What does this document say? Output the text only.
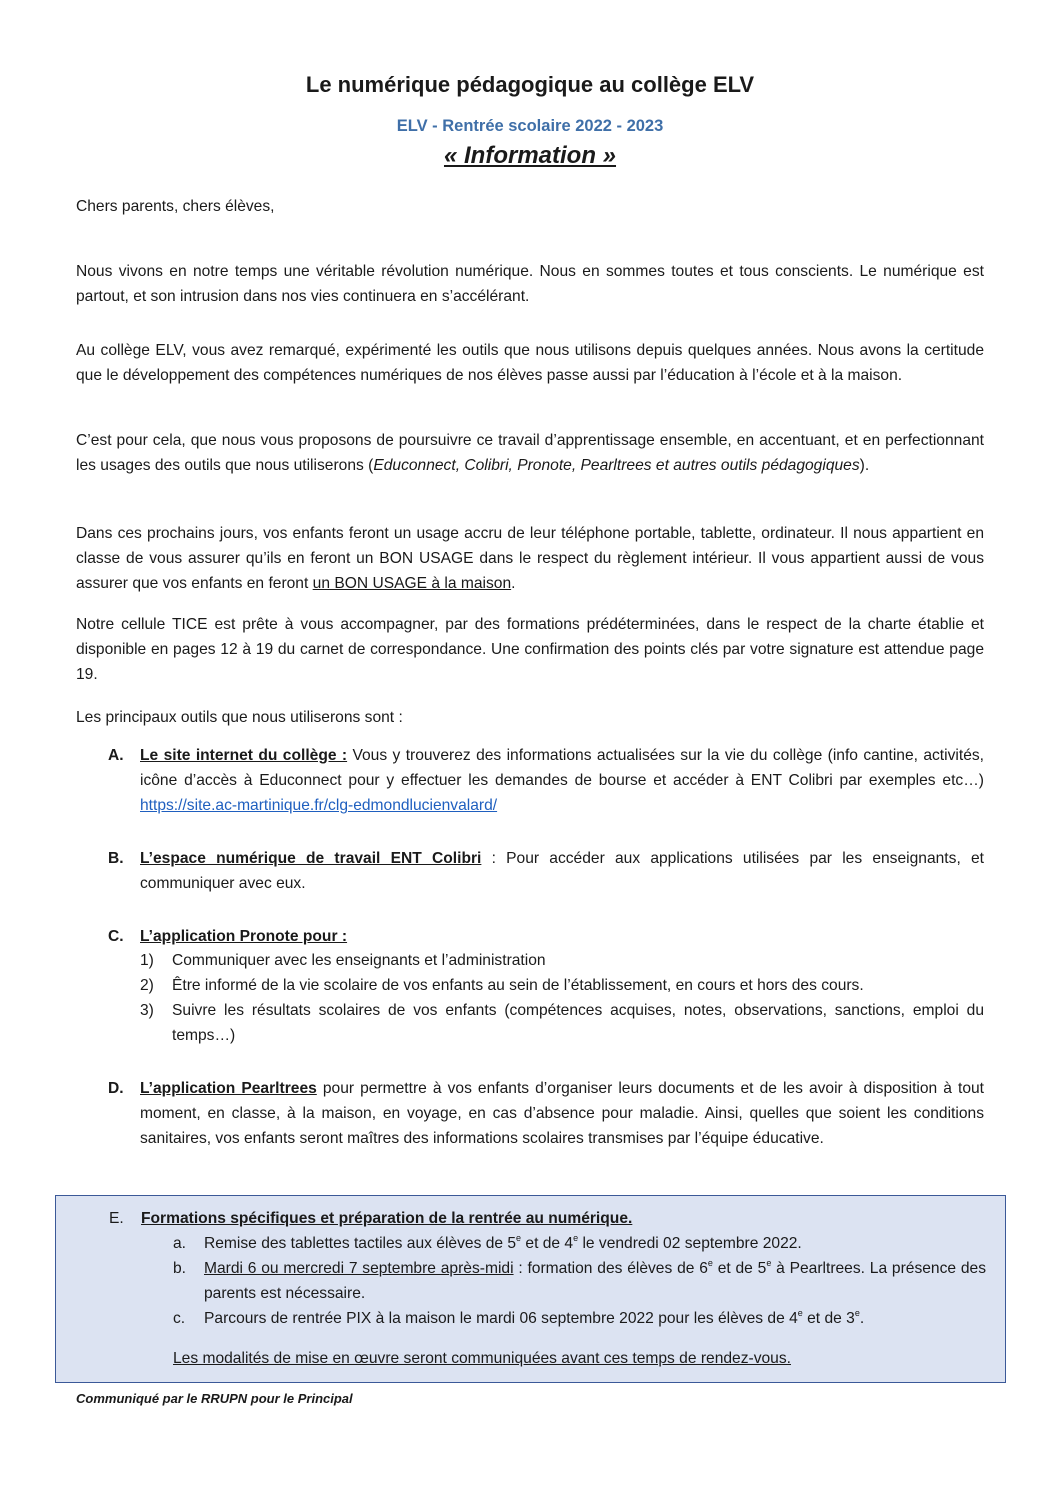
Le numérique pédagogique au collège ELV
ELV - Rentrée scolaire 2022 - 2023
« Information »

Chers parents, chers élèves,

Nous vivons en notre temps une véritable révolution numérique. Nous en sommes toutes et tous conscients. Le numérique est partout, et son intrusion dans nos vies continuera en s’accélérant.

Au collège ELV, vous avez remarqué, expérimenté les outils que nous utilisons depuis quelques années. Nous avons la certitude que le développement des compétences numériques de nos élèves passe aussi par l’éducation à l’école et à la maison.

C’est pour cela, que nous vous proposons de poursuivre ce travail d’apprentissage ensemble, en accentuant, et en perfectionnant les usages des outils que nous utiliserons (Educonnect, Colibri, Pronote, Pearltrees et autres outils pédagogiques).

Dans ces prochains jours, vos enfants feront un usage accru de leur téléphone portable, tablette, ordinateur. Il nous appartient en classe de vous assurer qu’ils en feront un BON USAGE dans le respect du règlement intérieur. Il vous appartient aussi de vous assurer que vos enfants en feront un BON USAGE à la maison.

Notre cellule TICE est prête à vous accompagner, par des formations prédéterminées, dans le respect de la charte établie et disponible en pages 12 à 19 du carnet de correspondance. Une confirmation des points clés par votre signature est attendue page 19.

Les principaux outils que nous utiliserons sont :

A. Le site internet du collège : Vous y trouverez des informations actualisées sur la vie du collège (info cantine, activités, icône d’accès à Educonnect pour y effectuer les demandes de bourse et accéder à ENT Colibri par exemples etc…) https://site.ac-martinique.fr/clg-edmondlucienvalard/
B. L’espace numérique de travail ENT Colibri : Pour accéder aux applications utilisées par les enseignants, et communiquer avec eux.
C. L’application Pronote pour :
1) Communiquer avec les enseignants et l’administration
2) Être informé de la vie scolaire de vos enfants au sein de l’établissement, en cours et hors des cours.
3) Suivre les résultats scolaires de vos enfants (compétences acquises, notes, observations, sanctions, emploi du temps…)
D. L’application Pearltrees pour permettre à vos enfants d’organiser leurs documents et de les avoir à disposition à tout moment, en classe, à la maison, en voyage, en cas d’absence pour maladie. Ainsi, quelles que soient les conditions sanitaires, vos enfants seront maîtres des informations scolaires transmises par l’équipe éducative.
E. Formations spécifiques et préparation de la rentrée au numérique.
a. Remise des tablettes tactiles aux élèves de 5e et de 4e le vendredi 02 septembre 2022.
b. Mardi 6 ou mercredi 7 septembre après-midi : formation des élèves de 6e et de 5e à Pearltrees. La présence des parents est nécessaire.
c. Parcours de rentrée PIX à la maison le mardi 06 septembre 2022 pour les élèves de 4e et de 3e.
Les modalités de mise en œuvre seront communiquées avant ces temps de rendez-vous.
Communiqué par le RRUPN pour le Principal
